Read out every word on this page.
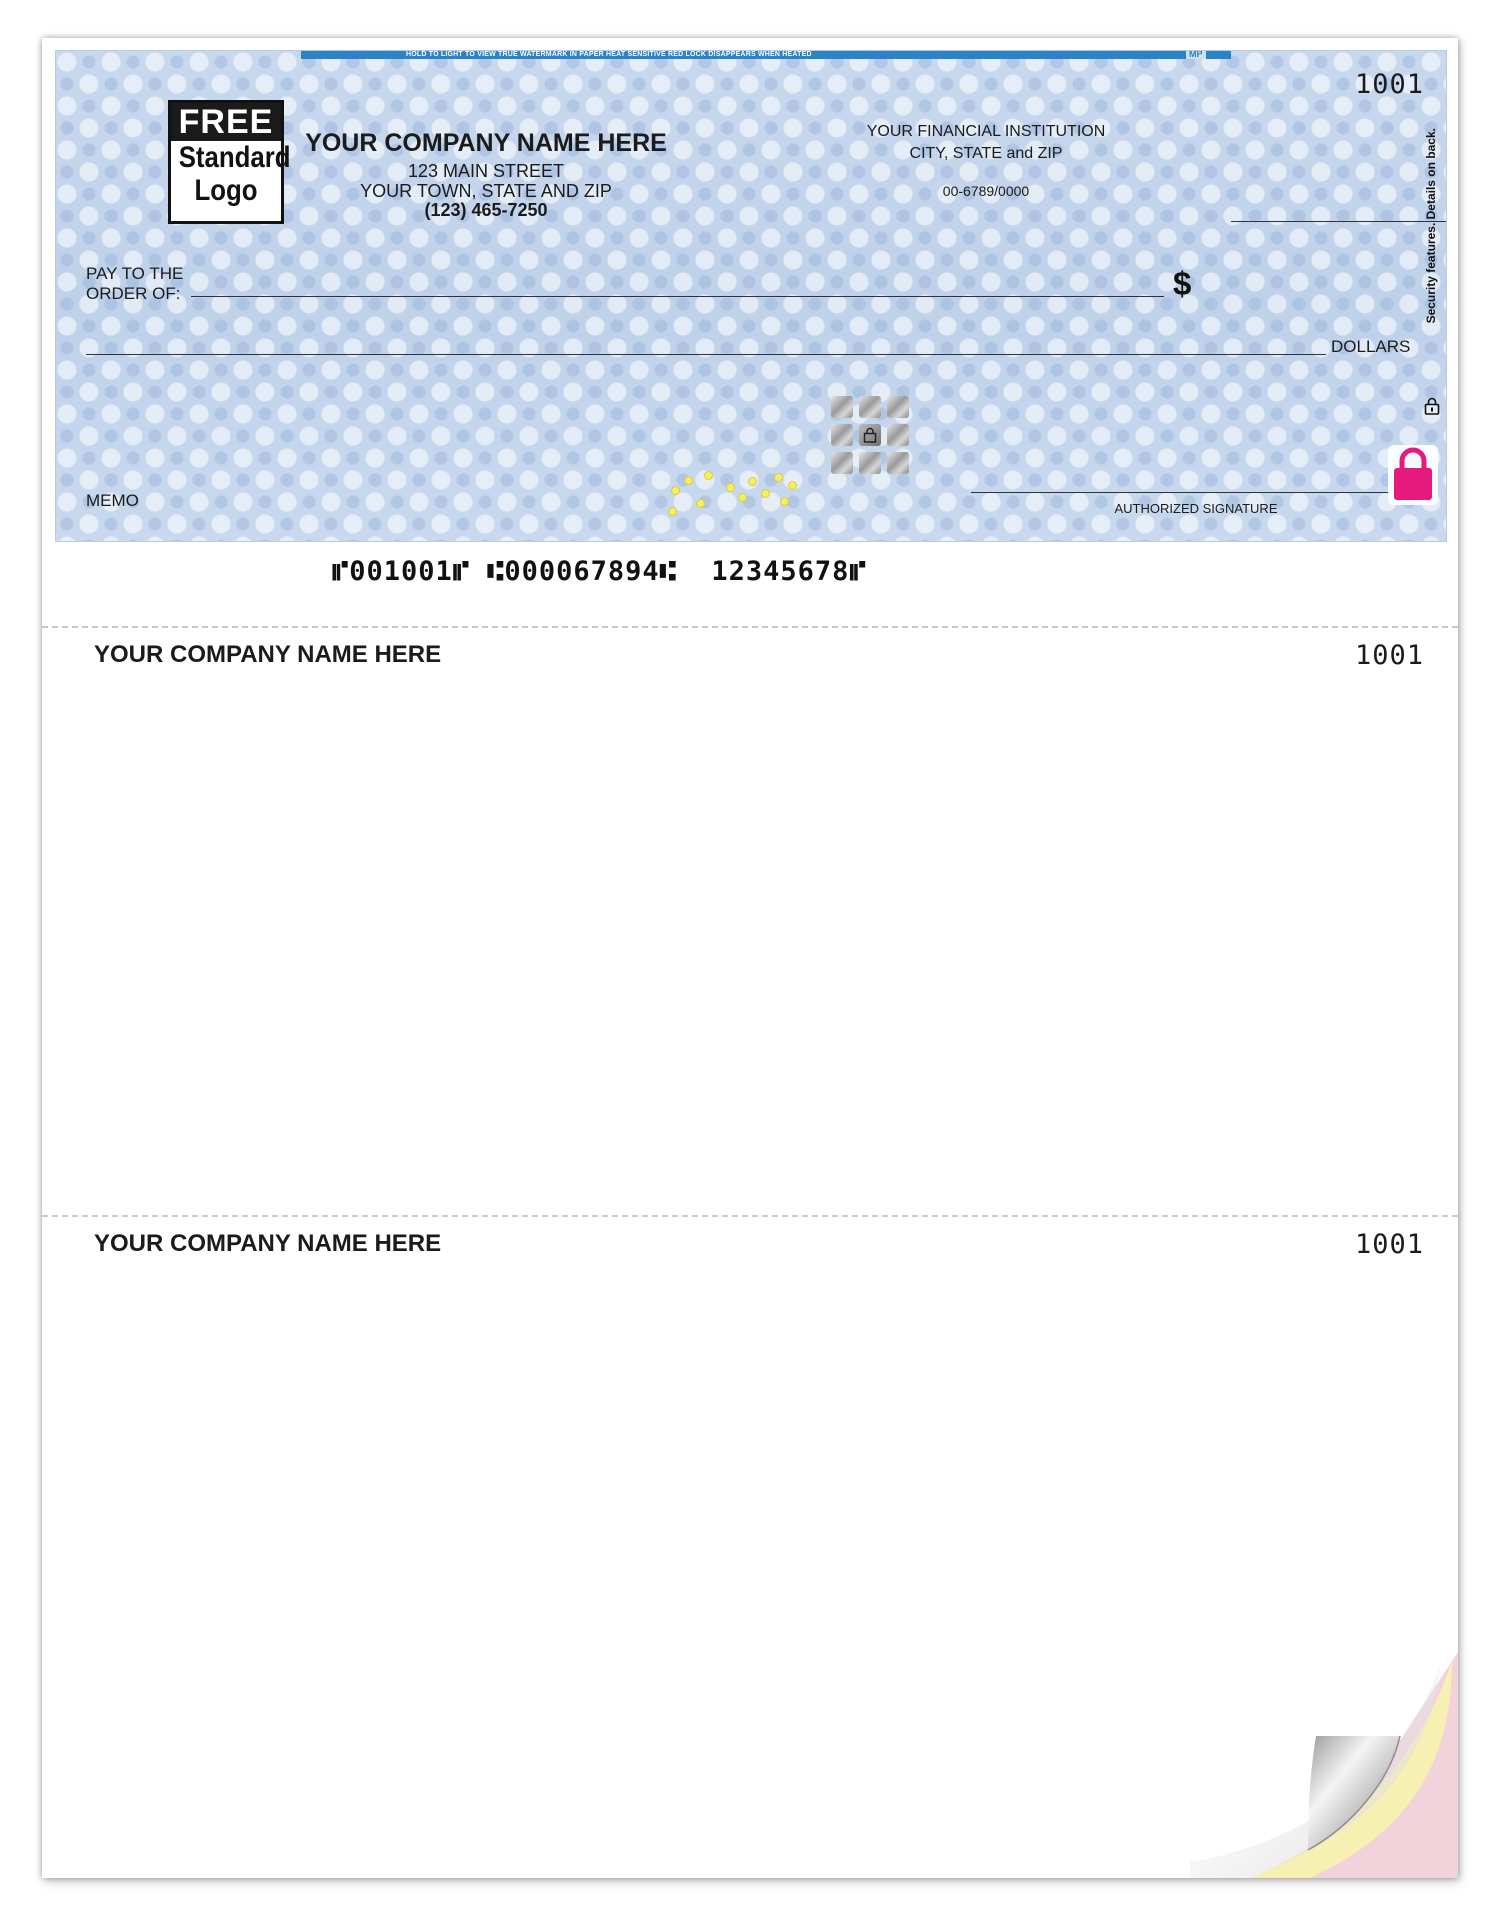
HOLD TO LIGHT TO VIEW TRUE WATERMARK IN PAPER HEAT SENSITIVE RED LOCK DISAPPEARS WHEN HEATED	MP
FREE
Standard
Logo
YOUR COMPANY NAME HERE
123 MAIN STREET
YOUR TOWN, STATE AND ZIP
(123) 465-7250
YOUR FINANCIAL INSTITUTION
CITY, STATE and ZIP
00-6789/0000
1001
Security features. Details on back.
PAY TO THE
ORDER OF:	$
DOLLARS
MEMO	AUTHORIZED SIGNATURE
⑈001001⑈ ⑆000067894⑆  12345678⑈
YOUR COMPANY NAME HERE	1001
YOUR COMPANY NAME HERE	1001
